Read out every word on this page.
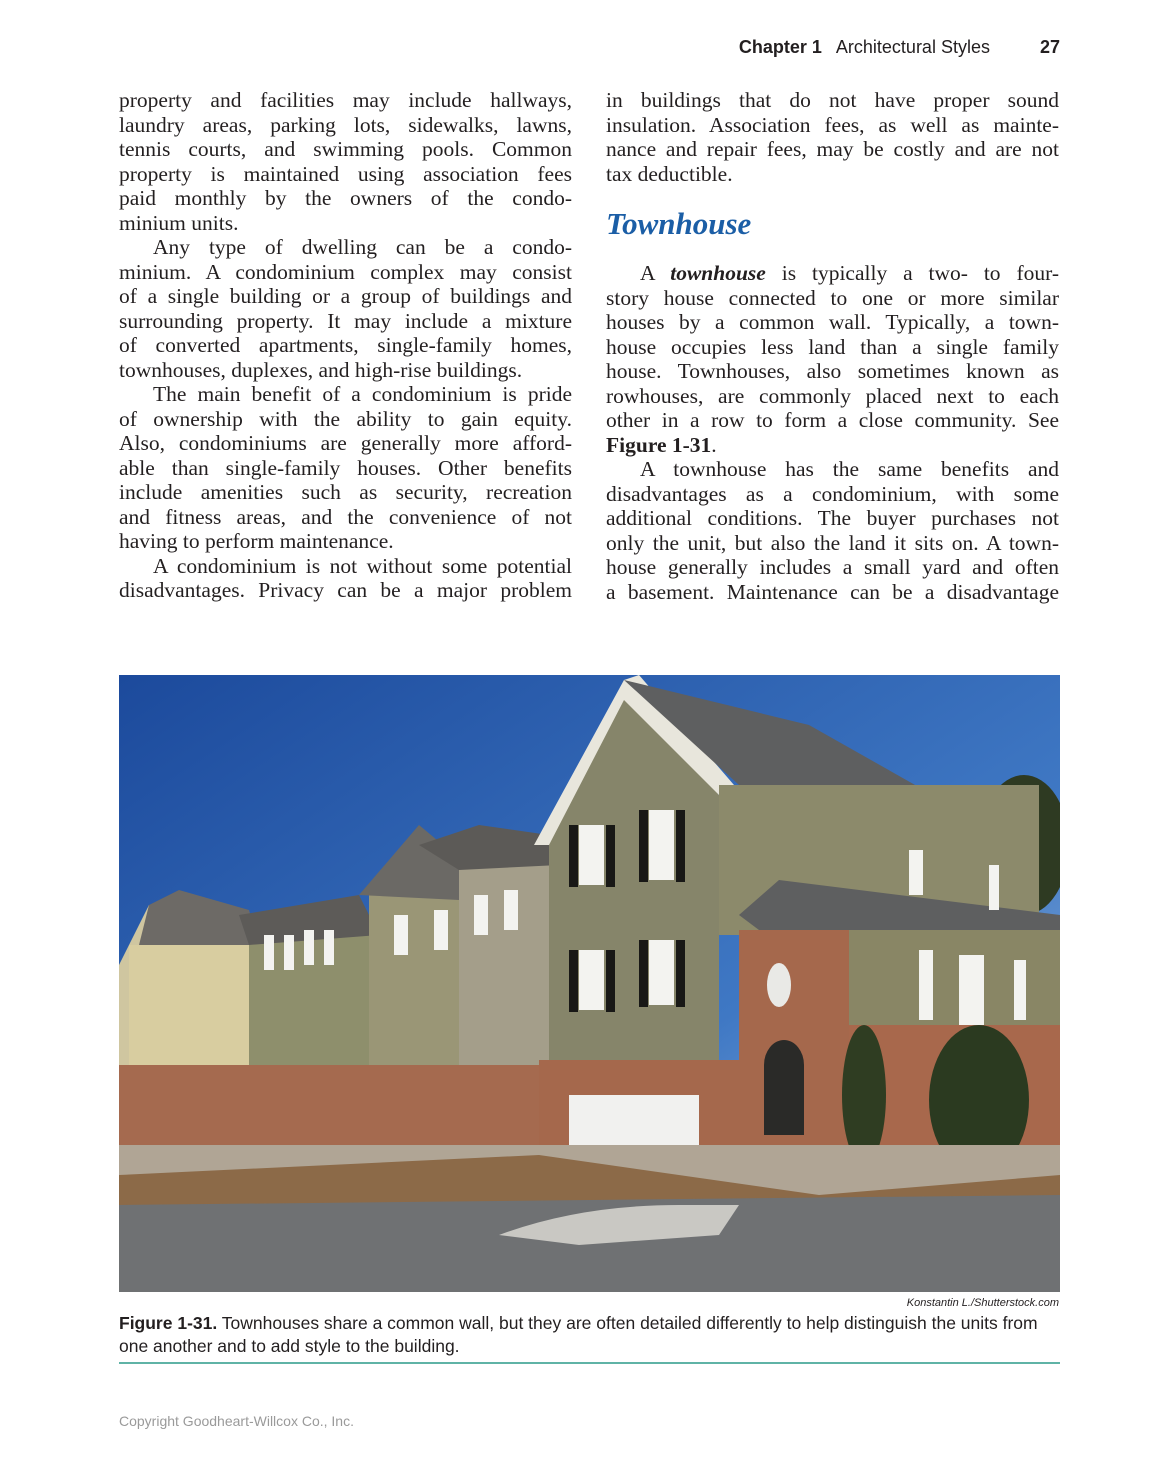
Chapter 1 Architectural Styles	27
property and facilities may include hallways,
laundry areas, parking lots, sidewalks, lawns,
tennis courts, and swimming pools. Common
property is maintained using association fees
paid monthly by the owners of the condo-
minium units.
Any type of dwelling can be a condo-
minium. A condominium complex may consist
of a single building or a group of buildings and
surrounding property. It may include a mixture
of converted apartments, single-family homes,
townhouses, duplexes, and high-rise buildings.
The main benefit of a condominium is pride
of ownership with the ability to gain equity.
Also, condominiums are generally more afford-
able than single-family houses. Other benefits
include amenities such as security, recreation
and fitness areas, and the convenience of not
having to perform maintenance.
A condominium is not without some potential
disadvantages. Privacy can be a major problem
in buildings that do not have proper sound
insulation. Association fees, as well as mainte-
nance and repair fees, may be costly and are not
tax deductible.
Townhouse
A townhouse is typically a two- to four-
story house connected to one or more similar
houses by a common wall. Typically, a town-
house occupies less land than a single family
house. Townhouses, also sometimes known as
rowhouses, are commonly placed next to each
other in a row to form a close community. See
Figure 1-31.
A townhouse has the same benefits and
disadvantages as a condominium, with some
additional conditions. The buyer purchases not
only the unit, but also the land it sits on. A town-
house generally includes a small yard and often
a basement. Maintenance can be a disadvantage
Konstantin L./Shutterstock.com
Figure 1-31. Townhouses share a common wall, but they are often detailed differently to help distinguish the units from one another and to add style to the building.
Copyright Goodheart-Willcox Co., Inc.
